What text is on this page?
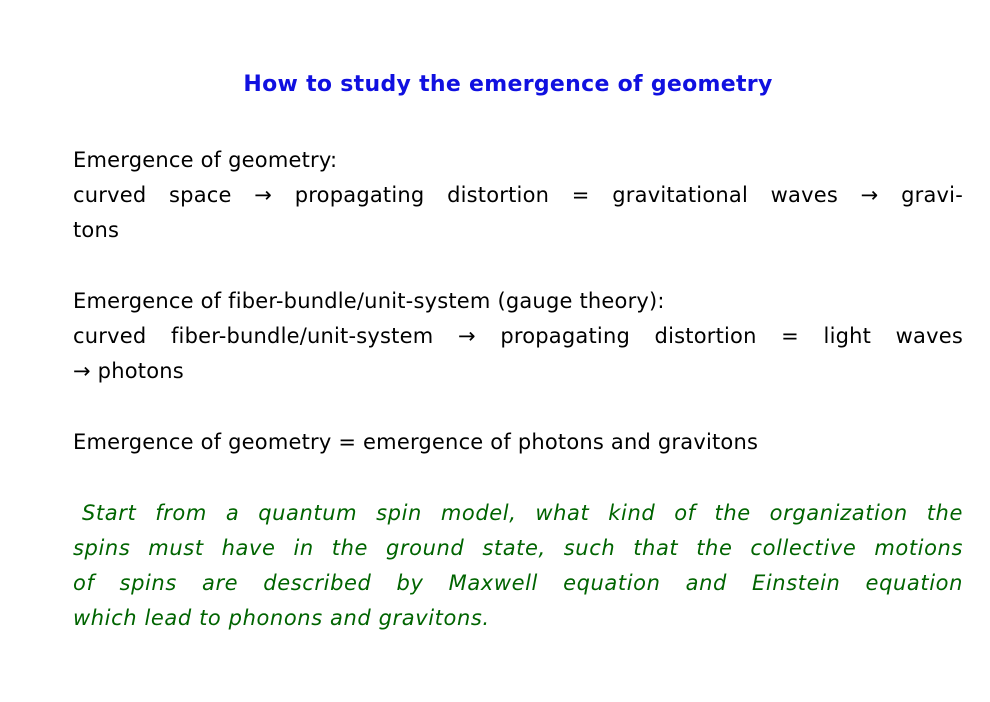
How to study the emergence of geometry
Emergence of geometry:
curved space → propagating distortion = gravitational waves → gravi-
tons
Emergence of fiber-bundle/unit-system (gauge theory):
curved fiber-bundle/unit-system → propagating distortion = light waves
→ photons
Emergence of geometry = emergence of photons and gravitons
Start from a quantum spin model, what kind of the organization the
spins must have in the ground state, such that the collective motions
of spins are described by Maxwell equation and Einstein equation
which lead to phonons and gravitons.
